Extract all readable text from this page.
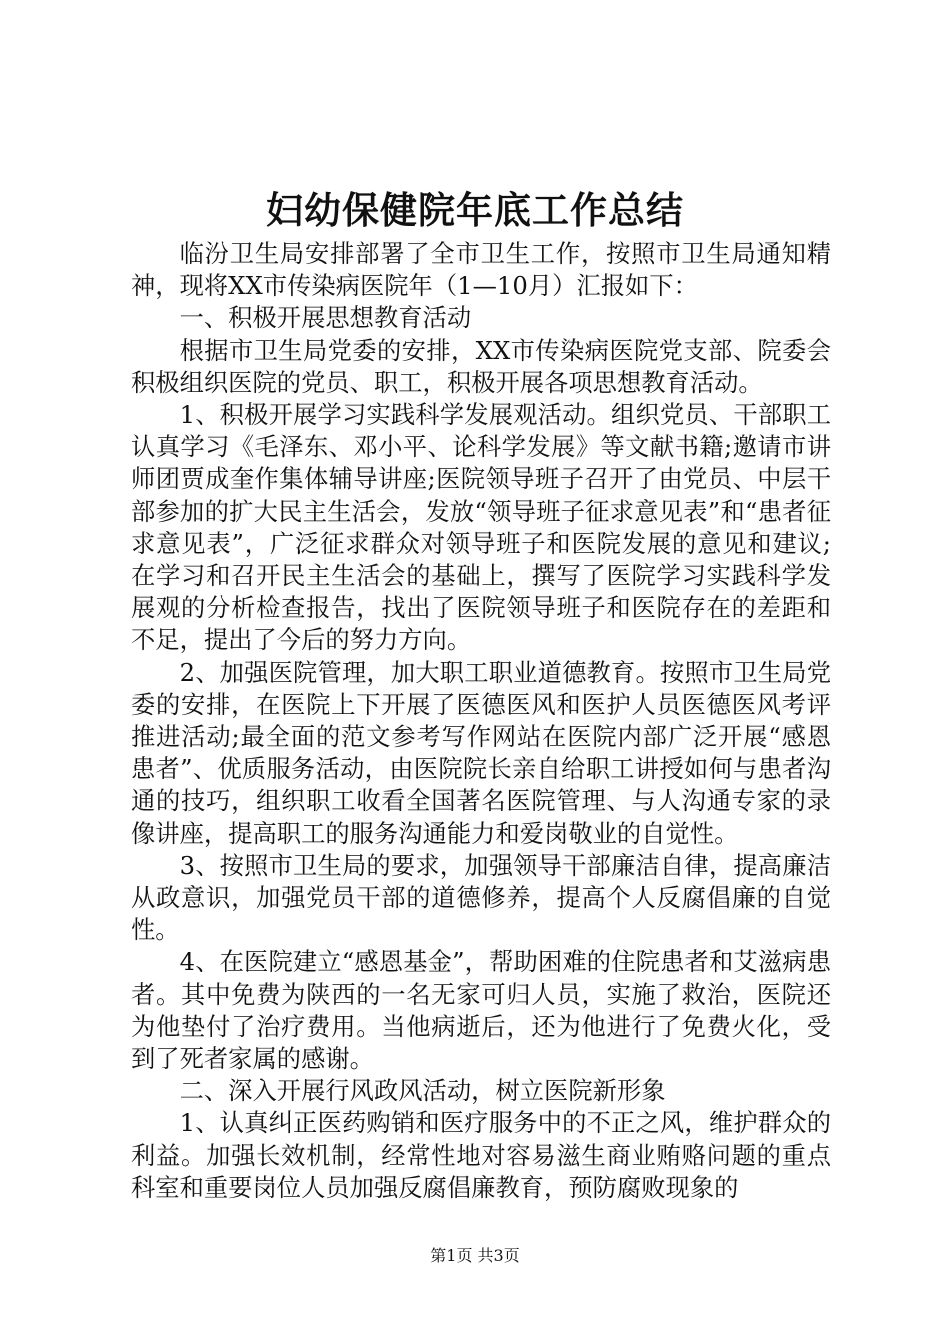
妇幼保健院年底工作总结

临汾卫生局安排部署了全市卫生工作，按照市卫生局通知精神，现将XX市传染病医院年（1—10月）汇报如下：

一、积极开展思想教育活动

根据市卫生局党委的安排，XX市传染病医院党支部、院委会积极组织医院的党员、职工，积极开展各项思想教育活动。

1、积极开展学习实践科学发展观活动。组织党员、干部职工认真学习《毛泽东、邓小平、论科学发展》等文献书籍;邀请市讲师团贾成奎作集体辅导讲座;医院领导班子召开了由党员、中层干部参加的扩大民主生活会，发放“领导班子征求意见表”和“患者征求意见表”，广泛征求群众对领导班子和医院发展的意见和建议;在学习和召开民主生活会的基础上，撰写了医院学习实践科学发展观的分析检查报告，找出了医院领导班子和医院存在的差距和不足，提出了今后的努力方向。

2、加强医院管理，加大职工职业道德教育。按照市卫生局党委的安排，在医院上下开展了医德医风和医护人员医德医风考评推进活动;最全面的范文参考写作网站在医院内部广泛开展“感恩患者”、优质服务活动，由医院院长亲自给职工讲授如何与患者沟通的技巧，组织职工收看全国著名医院管理、与人沟通专家的录像讲座，提高职工的服务沟通能力和爱岗敬业的自觉性。

3、按照市卫生局的要求，加强领导干部廉洁自律，提高廉洁从政意识，加强党员干部的道德修养，提高个人反腐倡廉的自觉性。

4、在医院建立“感恩基金”，帮助困难的住院患者和艾滋病患者。其中免费为陕西的一名无家可归人员，实施了救治，医院还为他垫付了治疗费用。当他病逝后，还为他进行了免费火化，受到了死者家属的感谢。

二、深入开展行风政风活动，树立医院新形象

1、认真纠正医药购销和医疗服务中的不正之风，维护群众的利益。加强长效机制，经常性地对容易滋生商业贿赂问题的重点科室和重要岗位人员加强反腐倡廉教育，预防腐败现象的

第1页 共3页
